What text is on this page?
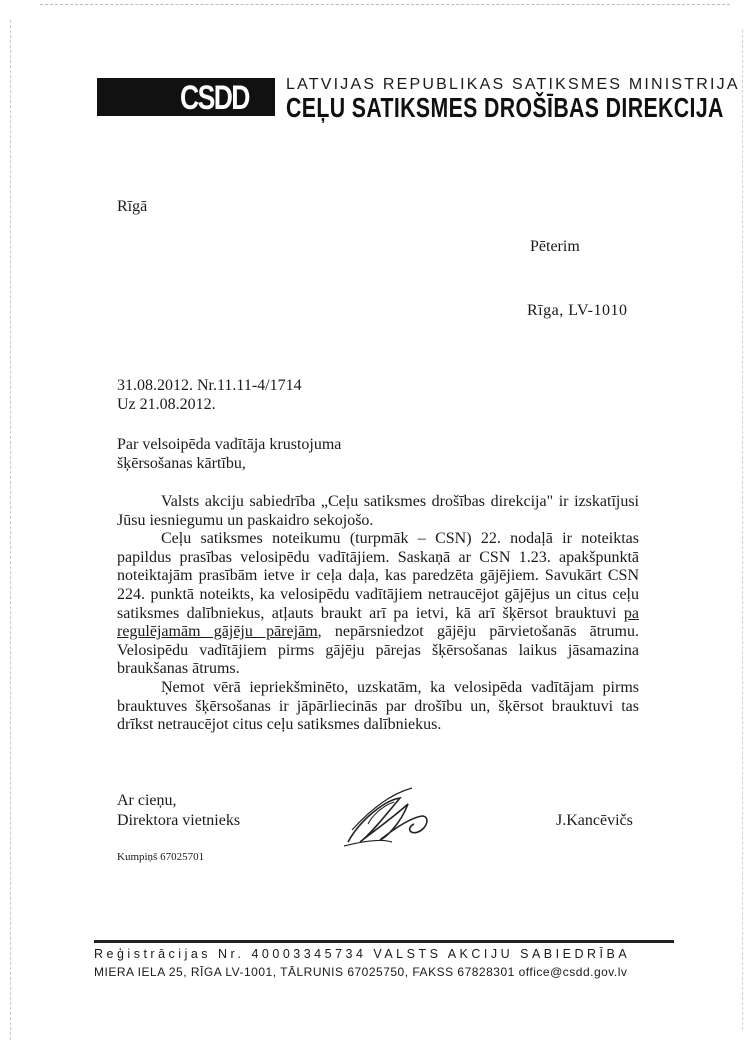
CSDD LATVIJAS REPUBLIKAS SATIKSMES MINISTRIJA
CEĻU SATIKSMES DROŠĪBAS DIREKCIJA
Rīgā
Pēterim
Rīga, LV-1010
31.08.2012. Nr.11.11-4/1714
Uz 21.08.2012.
Par velsoipēda vadītāja krustojuma
šķērsošanas kārtību,

Valsts akciju sabiedrība „Ceļu satiksmes drošības direkcija" ir izskatījusi Jūsu iesniegumu un paskaidro sekojošo.

Ceļu satiksmes noteikumu (turpmāk – CSN) 22. nodaļā ir noteiktas papildus prasības velosipēdu vadītājiem. Saskaņā ar CSN 1.23. apakšpunktā noteiktajām prasībām ietve ir ceļa daļa, kas paredzēta gājējiem. Savukārt CSN 224. punktā noteikts, ka velosipēdu vadītājiem netraucējot gājējus un citus ceļu satiksmes dalībniekus, atļauts braukt arī pa ietvi, kā arī šķērsot brauktuvi pa regulējamām gājēju pārejām, nepārsniedzot gājēju pārvietošanās ātrumu. Velosipēdu vadītājiem pirms gājēju pārejas šķērsošanas laikus jāsamazina braukšanas ātrums.

Ņemot vērā iepriekšminēto, uzskatām, ka velosipēda vadītājam pirms brauktuves šķērsošanas ir jāpārliecinās par drošību un, šķērsot brauktuvi tas drīkst netraucējot citus ceļu satiksmes dalībniekus.

Ar cieņu,
Direktora vietnieks	J.Kancēvičs
Kumpiņš 67025701
Reģistrācijas Nr. 40003345734 VALSTS AKCIJU SABIEDRĪBA
MIERA IELA 25, RĪGA LV-1001, TĀLRUNIS 67025750, FAKSS 67828301 office@csdd.gov.lv
